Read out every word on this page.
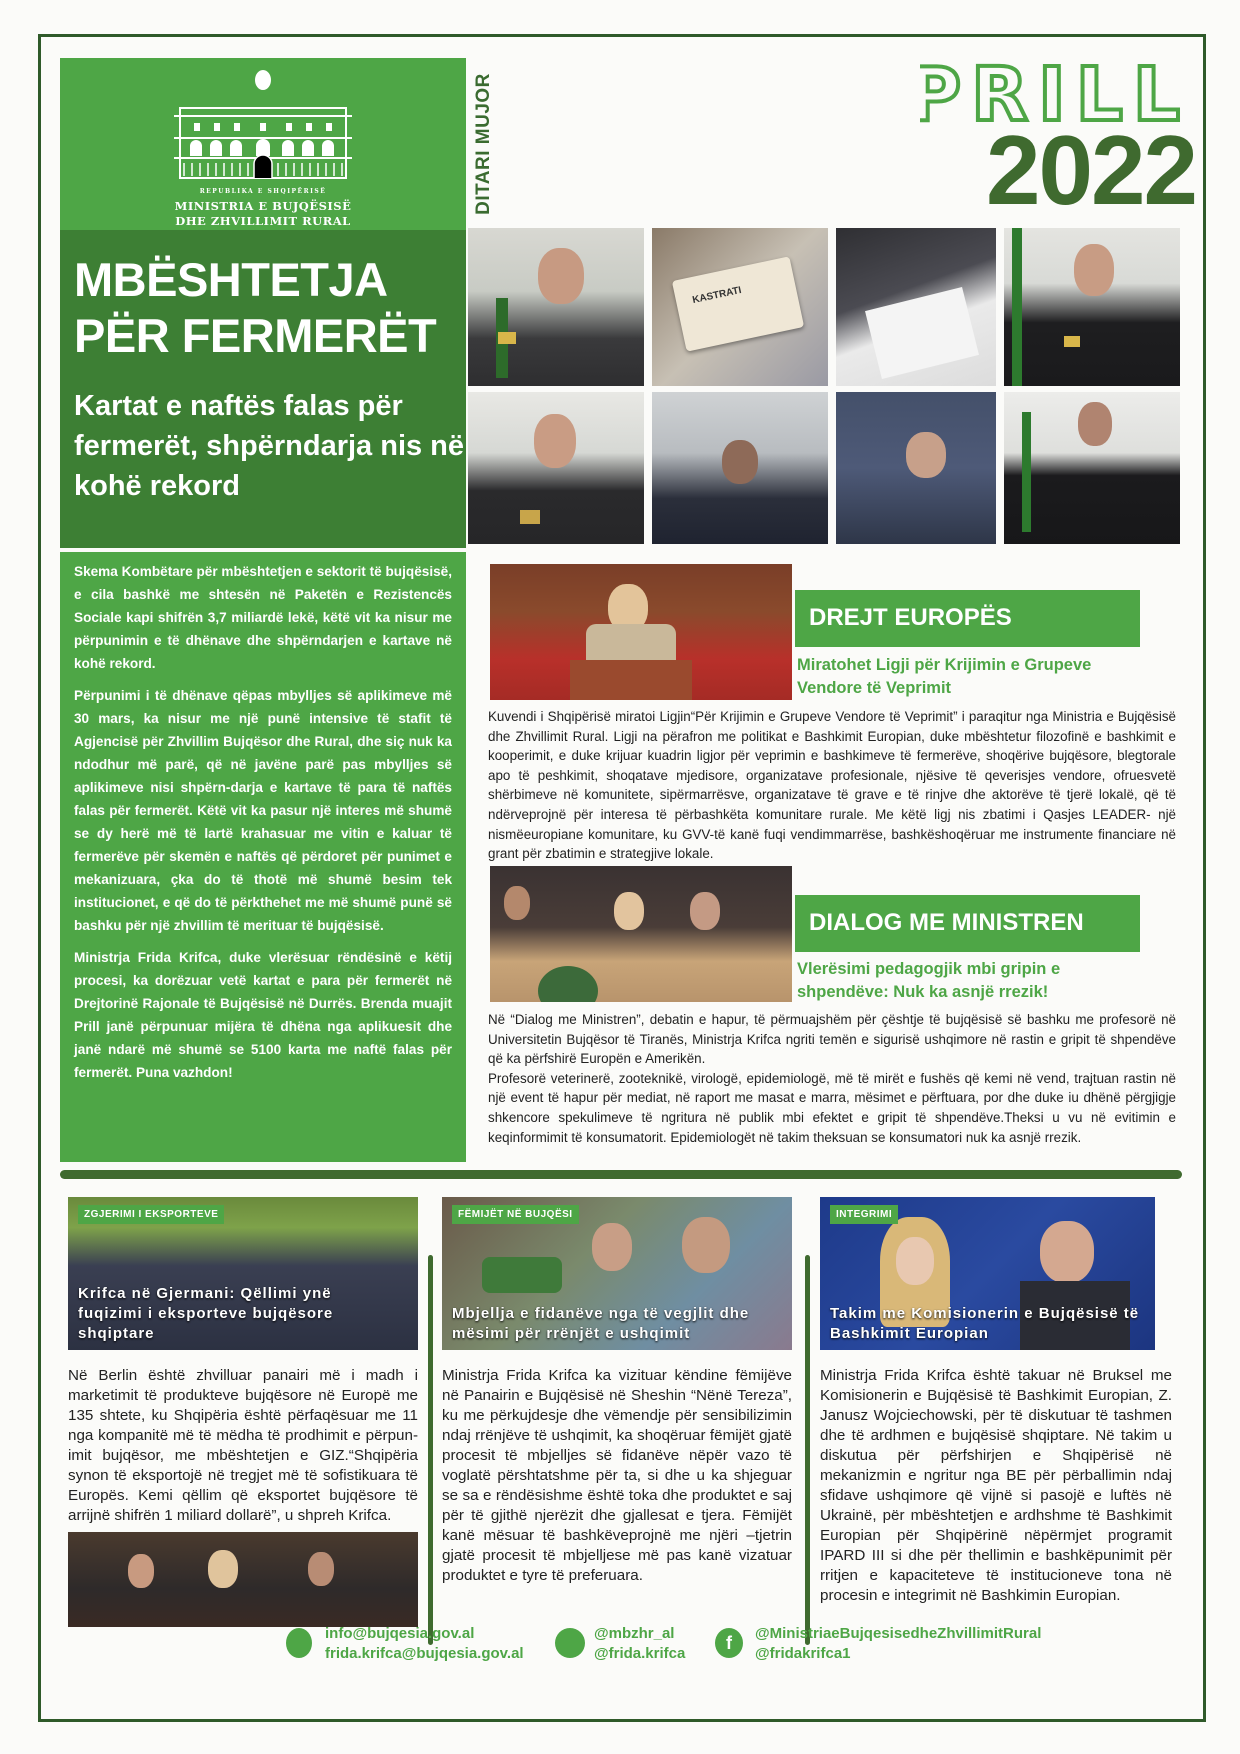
REPUBLIKA E SHQIPËRISË
MINISTRIA E BUJQËSISË
DHE ZHVILLIMIT RURAL
DITARI MUJOR	PRILL
2022
MBËSHTETJA
PËR FERMERËT
Kartat e naftës falas për fermerët, shpërndarja nis në kohë rekord

Skema Kombëtare për mbështetjen e sektorit të bujqësisë, e cila bashkë me shtesën në Paketën e Rezistencës Sociale kapi shifrën 3,7 miliardë lekë, këtë vit ka nisur me përpunimin e të dhënave dhe shpërndarjen e kartave në kohë rekord.

Përpunimi i të dhënave qëpas mbylljes së aplikimeve më 30 mars, ka nisur me një punë intensive të stafit të Agjencisë për Zhvillim Bujqësor dhe Rural, dhe siç nuk ka ndodhur më parë, që në javëne parë pas mbylljes së aplikimeve nisi shpërn-darja e kartave të para të naftës falas për fermerët. Këtë vit ka pasur një interes më shumë se dy herë më të lartë krahasuar me vitin e kaluar të fermerëve për skemën e naftës që përdoret për punimet e mekanizuara, çka do të thotë më shumë besim tek institucionet, e që do të përkthehet me më shumë punë së bashku për një zhvillim të merituar të bujqësisë.

Ministrja Frida Krifca, duke vlerësuar rëndësinë e këtij procesi, ka dorëzuar vetë kartat e para për fermerët në Drejtorinë Rajonale të Bujqësisë në Durrës. Brenda muajit Prill janë përpunuar mijëra të dhëna nga aplikuesit dhe janë ndarë më shumë se 5100 karta me naftë falas për fermerët. Puna vazhdon!

KASTRATI
DREJT EUROPËS
Miratohet Ligji për Krijimin e Grupeve Vendore të Veprimit
Kuvendi i Shqipërisë miratoi Ligjin“Për Krijimin e Grupeve Vendore të Veprimit” i paraqitur nga Ministria e Bujqësisë dhe Zhvillimit Rural. Ligji na përafron me politikat e Bashkimit Europian, duke mbështetur filozofinë e bashkimit e kooperimit, e duke krijuar kuadrin ligjor për veprimin e bashkimeve të fermerëve, shoqërive bujqësore, blegtorale apo të peshkimit, shoqatave mjedisore, organizatave profesionale, njësive të qeverisjes vendore, ofruesvetë shërbimeve në komunitete, sipërmarrësve, organizatave të grave e të rinjve dhe aktorëve të tjerë lokalë, që të ndërveprojnë për interesa të përbashkëta komunitare rurale. Me këtë ligj nis zbatimi i Qasjes LEADER- një nismëeuropiane komunitare, ku GVV-të kanë fuqi vendimmarrëse, bashkëshoqëruar me instrumente financiare në grant për zbatimin e strategjive lokale.
DIALOG ME MINISTREN
Vlerësimi pedagogjik mbi gripin e shpendëve: Nuk ka asnjë rrezik!
Në “Dialog me Ministren”, debatin e hapur, të përmuajshëm për çështje të bujqësisë së bashku me profesorë në Universitetin Bujqësor të Tiranës, Ministrja Krifca ngriti temën e sigurisë ushqimore në rastin e gripit të shpendëve që ka përfshirë Europën e Amerikën.
Profesorë veterinerë, zooteknikë, virologë, epidemiologë, më të mirët e fushës që kemi në vend, trajtuan rastin në një event të hapur për mediat, në raport me masat e marra, mësimet e përftuara, por dhe duke iu dhënë përgjigje shkencore spekulimeve të ngritura në publik mbi efektet e gripit të shpendëve.Theksi u vu në evitimin e keqinformimit të konsumatorit. Epidemiologët në takim theksuan se konsumatori nuk ka asnjë rrezik.
ZGJERIMI I EKSPORTEVE
Krifca në Gjermani: Qëllimi ynë fuqizimi i eksporteve bujqësore shqiptare
Në Berlin është zhvilluar panairi më i madh i marketimit të produkteve bujqësore në Europë me 135 shtete, ku Shqipëria është përfaqësuar me 11 nga kompanitë më të mëdha të prodhimit e përpun-imit bujqësor, me mbështetjen e GIZ.“Shqipëria synon të eksportojë në tregjet më të sofistikuara të Europës. Kemi qëllim që eksportet bujqësore të arrijnë shifrën 1 miliard dollarë”, u shpreh Krifca.
FËMIJËT NË BUJQËSI
Mbjellja e fidanëve nga të vegjlit dhe mësimi për rrënjët e ushqimit
Ministrja Frida Krifca ka vizituar këndine fëmijëve në Panairin e Bujqësisë në Sheshin “Nënë Tereza”, ku me përkujdesje dhe vëmendje për sensibilizimin ndaj rrënjëve të ushqimit, ka shoqëruar fëmijët gjatë procesit të mbjelljes së fidanëve nëpër vazo të voglatë përshtatshme për ta, si dhe u ka shjeguar se sa e rëndësishme është toka dhe produktet e saj për të gjithë njerëzit dhe gjallesat e tjera. Fëmijët kanë mësuar të bashkëveprojnë me njëri –tjetrin gjatë procesit të mbjelljese më pas kanë vizatuar produktet e tyre të preferuara.
INTEGRIMI
Takim me Komisionerin e Bujqësisë të Bashkimit Europian
Ministrja Frida Krifca është takuar në Bruksel me Komisionerin e Bujqësisë të Bashkimit Europian, Z. Janusz Wojciechowski, për të diskutuar të tashmen dhe të ardhmen e bujqësisë shqiptare. Në takim u diskutua për përfshirjen e Shqipërisë në mekanizmin e ngritur nga BE për përballimin ndaj sfidave ushqimore që vijnë si pasojë e luftës në Ukrainë, për mbështetjen e ardhshme të Bashkimit Europian për Shqipërinë nëpërmjet programit IPARD III si dhe për thellimin e bashkëpunimit për rritjen e kapaciteteve të institucioneve tona në procesin e integrimit në Bashkimin Europian.
info@bujqesia.gov.al
frida.krifca@bujqesia.gov.al
@mbzhr_al
@frida.krifca
f	@MinistriaeBujqesisedheZhvillimitRural
@fridakrifca1
